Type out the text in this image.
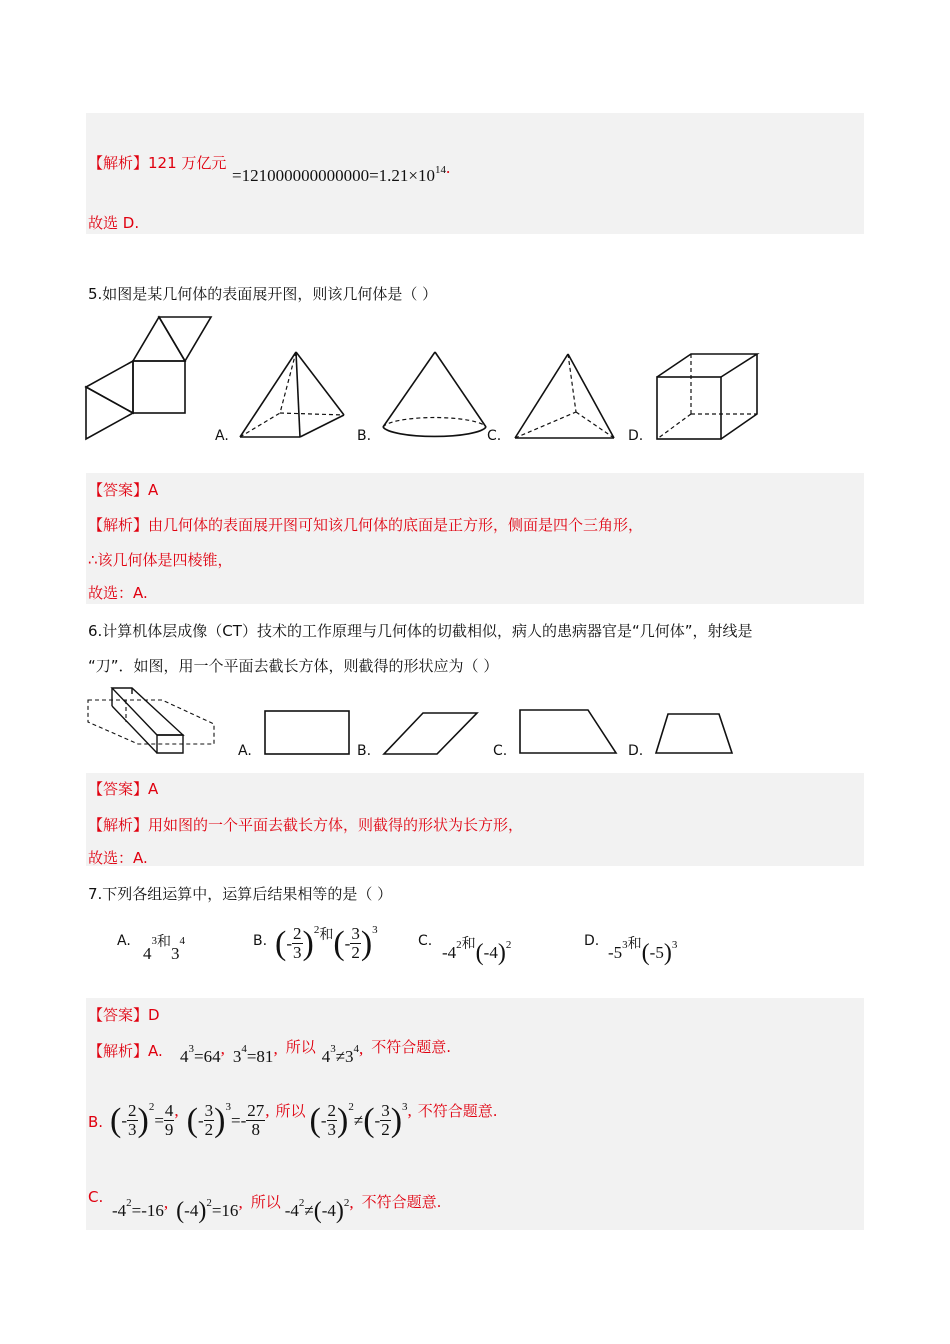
【解析】121 万亿元
$=121000000000000=1.21\times 10^{14}$.
故选 D.
5.如图是某几何体的表面展开图，则该几何体是（ ）
A.	B.	C.	D.
【答案】A
【解析】由几何体的表面展开图可知该几何体的底面是正方形，侧面是四个三角形，
∴该几何体是四棱锥，
故选：A.
6.计算机体层成像（CT）技术的工作原理与几何体的切截相似，病人的患病器官是“几何体”，射线是
“刀”．如图，用一个平面去截长方体，则截得的形状应为（ ）
A.	B.	C.	D.
【答案】A
【解析】用如图的一个平面去截长方体，则截得的形状为长方形，
故选：A.
7.下列各组运算中，运算后结果相等的是（ ）
A.
4
3 和
3
4	B. ( - $\frac{2}{3}$ ) 2 和 ( - $\frac{3}{2}$ ) 3
C.
-4 2 和 ( -4 ) 2	D.
-5 3 和 ( -5 ) 3
【答案】D
【解析】A. 4 3 =64 , 3 4 =81 , 所以 4 3 ≠ 3 4 , 不符合题意.
B. ( - $\frac{2}{3}$ ) 2
= $\frac{4}{9}$ , ( - $\frac{3}{2}$ ) 3
=- $\frac{27}{8}$ , 所以 ( - $\frac{2}{3}$ ) 2
≠ ( - $\frac{3}{2}$ ) 3 , 不符合题意.
C.
-4 2 =-16 , ( -4 ) 2 =16 , 所以 -4 2 ≠ ( -4 ) 2 , 不符合题意.
